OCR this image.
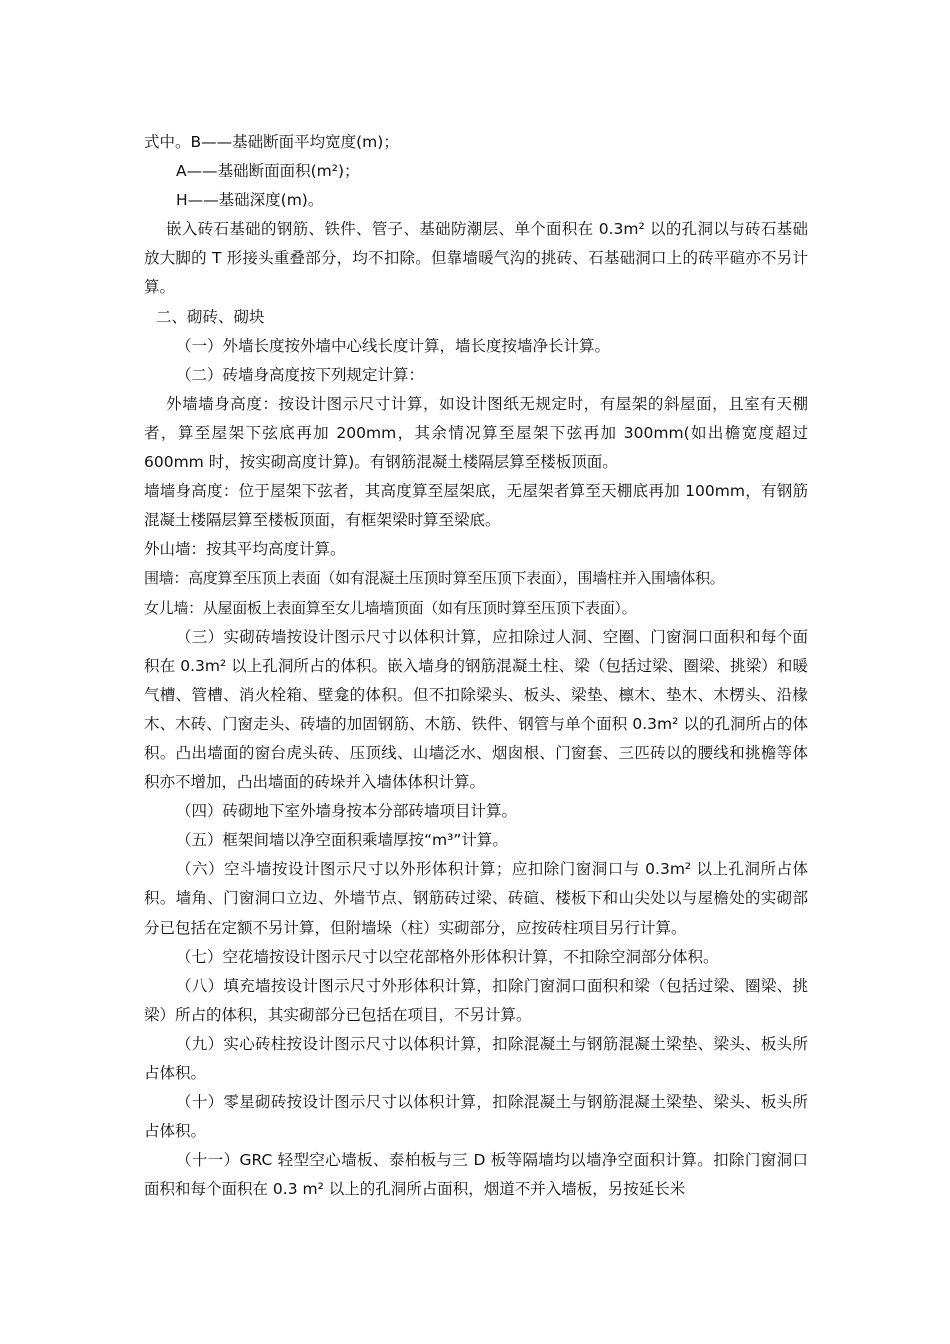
式中。B——基础断面平均宽度(m)；

A——基础断面面积(m²)；

H——基础深度(m)。

嵌入砖石基础的钢筋、铁件、管子、基础防潮层、单个面积在 0.3m² 以的孔洞以与砖石基础放大脚的 T 形接头重叠部分，均不扣除。但靠墙暖气沟的挑砖、石基础洞口上的砖平碹亦不另计算。

二、砌砖、砌块

（一）外墙长度按外墙中心线长度计算，墙长度按墙净长计算。

（二）砖墙身高度按下列规定计算：

外墙墙身高度：按设计图示尺寸计算，如设计图纸无规定时，有屋架的斜屋面，且室有天棚者，算至屋架下弦底再加 200mm，其余情况算至屋架下弦再加 300mm(如出檐宽度超过 600mm 时，按实砌高度计算)。有钢筋混凝土楼隔层算至楼板顶面。

墙墙身高度：位于屋架下弦者，其高度算至屋架底，无屋架者算至天棚底再加 100mm，有钢筋混凝土楼隔层算至楼板顶面，有框架梁时算至梁底。

外山墙：按其平均高度计算。

围墙：高度算至压顶上表面（如有混凝土压顶时算至压顶下表面），围墙柱并入围墙体积。

女儿墙：从屋面板上表面算至女儿墙墙顶面（如有压顶时算至压顶下表面）。

（三）实砌砖墙按设计图示尺寸以体积计算，应扣除过人洞、空圈、门窗洞口面积和每个面积在 0.3m² 以上孔洞所占的体积。嵌入墙身的钢筋混凝土柱、梁（包括过梁、圈梁、挑梁）和暖气槽、管槽、消火栓箱、壁龛的体积。但不扣除梁头、板头、梁垫、檩木、垫木、木楞头、沿椽木、木砖、门窗走头、砖墙的加固钢筋、木筋、铁件、钢管与单个面积 0.3m² 以的孔洞所占的体积。凸出墙面的窗台虎头砖、压顶线、山墙泛水、烟囱根、门窗套、三匹砖以的腰线和挑檐等体积亦不增加，凸出墙面的砖垛并入墙体体积计算。

（四）砖砌地下室外墙身按本分部砖墙项目计算。

（五）框架间墙以净空面积乘墙厚按“m³”计算。

（六）空斗墙按设计图示尺寸以外形体积计算；应扣除门窗洞口与 0.3m² 以上孔洞所占体积。墙角、门窗洞口立边、外墙节点、钢筋砖过梁、砖碹、楼板下和山尖处以与屋檐处的实砌部分已包括在定额不另计算，但附墙垛（柱）实砌部分，应按砖柱项目另行计算。

（七）空花墙按设计图示尺寸以空花部格外形体积计算，不扣除空洞部分体积。

（八）填充墙按设计图示尺寸外形体积计算，扣除门窗洞口面积和梁（包括过梁、圈梁、挑梁）所占的体积，其实砌部分已包括在项目，不另计算。

（九）实心砖柱按设计图示尺寸以体积计算，扣除混凝土与钢筋混凝土梁垫、梁头、板头所占体积。

（十）零星砌砖按设计图示尺寸以体积计算，扣除混凝土与钢筋混凝土梁垫、梁头、板头所占体积。

（十一）GRC 轻型空心墙板、泰柏板与三 D 板等隔墙均以墙净空面积计算。扣除门窗洞口面积和每个面积在 0.3 m² 以上的孔洞所占面积，烟道不并入墙板，另按延长米
